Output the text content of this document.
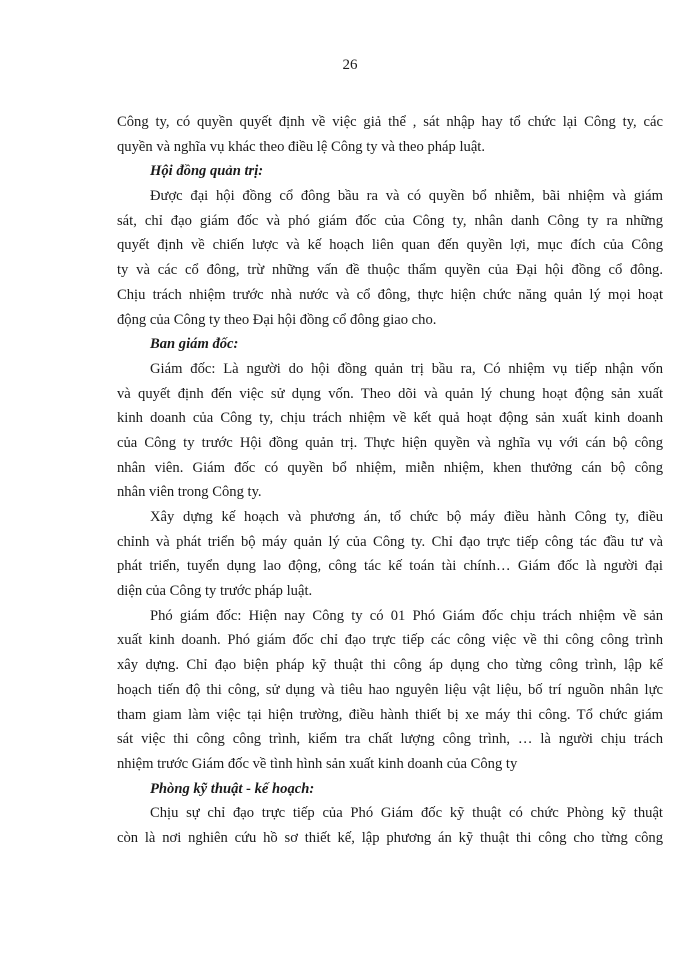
26
Công ty, có quyền quyết định về việc giả thể , sát nhập hay tổ chức lại Công ty, các
quyền và nghĩa vụ khác theo điều lệ Công ty và theo pháp luật.
Hội đồng quản trị:
Được đại hội đồng cổ đông bầu ra và có quyền bổ nhiễm, bãi nhiệm và giám
sát, chỉ đạo giám đốc và phó giám đốc của Công ty, nhân danh Công ty ra những
quyết định về chiến lược và kế hoạch liên quan đến quyền lợi, mục đích của Công
ty và các cổ đông, trừ những vấn đề thuộc thẩm quyền của Đại hội đồng cổ đông.
Chịu trách nhiệm trước nhà nước và cổ đông, thực hiện chức năng quản lý mọi hoạt
động của Công ty theo Đại hội đồng cổ đông giao cho.
Ban giám đốc:
Giám đốc: Là người do hội đồng quản trị bầu ra, Có nhiệm vụ tiếp nhận vốn
và quyết định đến việc sử dụng vốn. Theo dõi và quản lý chung hoạt động sản xuất
kinh doanh của Công ty, chịu trách nhiệm về kết quả hoạt động sản xuất kinh doanh
của Công ty trước Hội đồng quản trị. Thực hiện quyền và nghĩa vụ với cán bộ công
nhân viên. Giám đốc có quyền bổ nhiệm, miễn nhiệm, khen thưởng cán bộ công
nhân viên trong Công ty.
Xây dựng kế hoạch và phương án, tổ chức bộ máy điều hành Công ty, điều
chỉnh và phát triển bộ máy quản lý của Công ty. Chỉ đạo trực tiếp công tác đầu tư và
phát triển, tuyển dụng lao động, công tác kế toán tài chính… Giám đốc là người đại
diện của Công ty trước pháp luật.
Phó giám đốc: Hiện nay Công ty có 01 Phó Giám đốc chịu trách nhiệm về sản
xuất kinh doanh. Phó giám đốc chỉ đạo trực tiếp các công việc về thi công công trình
xây dựng. Chỉ đạo biện pháp kỹ thuật thi công áp dụng cho từng công trình, lập kế
hoạch tiến độ thi công, sử dụng và tiêu hao nguyên liệu vật liệu, bố trí nguồn nhân lực
tham giam làm việc tại hiện trường, điều hành thiết bị xe máy thi công. Tổ chức giám
sát việc thi công công trình, kiểm tra chất lượng công trình, … là người chịu trách
nhiệm trước Giám đốc về tình hình sản xuất kinh doanh của Công ty
Phòng kỹ thuật - kế hoạch:
Chịu sự chỉ đạo trực tiếp của Phó Giám đốc kỹ thuật có chức Phòng kỹ thuật
còn là nơi nghiên cứu hồ sơ thiết kế, lập phương án kỹ thuật thi công cho từng công
